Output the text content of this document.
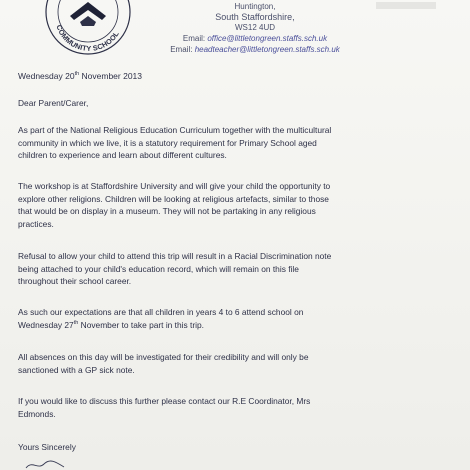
COMMUNITY SCHOOL
Huntington,
South Staffordshire,
WS12 4UD
Email: office@littletongreen.staffs.sch.uk
Email: headteacher@littletongreen.staffs.sch.uk
Wednesday 20th November 2013
Dear Parent/Carer,
As part of the National Religious Education Curriculum together with the multicultural
community in which we live, it is a statutory requirement for Primary School aged
children to experience and learn about different cultures.
The workshop is at Staffordshire University and will give your child the opportunity to
explore other religions. Children will be looking at religious artefacts, similar to those
that would be on display in a museum. They will not be partaking in any religious
practices.
Refusal to allow your child to attend this trip will result in a Racial Discrimination note
being attached to your child's education record, which will remain on this file
throughout their school career.
As such our expectations are that all children in years 4 to 6 attend school on
Wednesday 27th November to take part in this trip.
All absences on this day will be investigated for their credibility and will only be
sanctioned with a GP sick note.
If you would like to discuss this further please contact our R.E Coordinator, Mrs
Edmonds.
Yours Sincerely
